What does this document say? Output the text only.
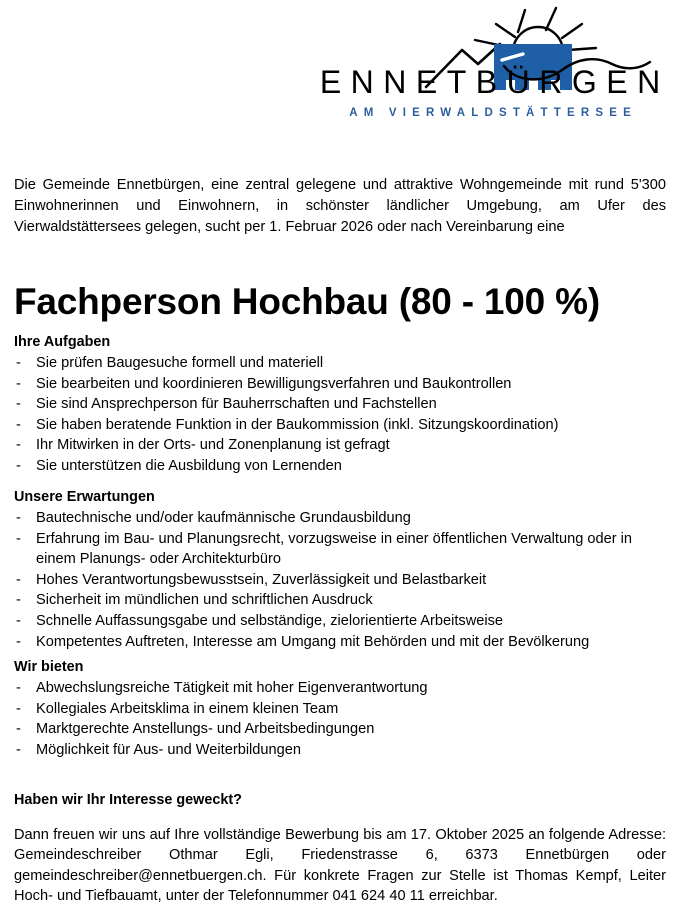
ENNETBÜRGEN
AM VIERWALDSTÄTTERSEE

Die Gemeinde Ennetbürgen, eine zentral gelegene und attraktive Wohngemeinde mit rund 5'300 Einwohnerinnen und Einwohnern, in schönster ländlicher Umgebung, am Ufer des Vierwaldstättersees gelegen, sucht per 1. Februar 2026 oder nach Vereinbarung eine

Fachperson Hochbau (80 - 100 %)
Ihre Aufgaben
- Sie prüfen Baugesuche formell und materiell
- Sie bearbeiten und koordinieren Bewilligungsverfahren und Baukontrollen
- Sie sind Ansprechperson für Bauherrschaften und Fachstellen
- Sie haben beratende Funktion in der Baukommission (inkl. Sitzungskoordination)
- Ihr Mitwirken in der Orts- und Zonenplanung ist gefragt
- Sie unterstützen die Ausbildung von Lernenden
Unsere Erwartungen
- Bautechnische und/oder kaufmännische Grundausbildung
- Erfahrung im Bau- und Planungsrecht, vorzugsweise in einer öffentlichen Verwaltung oder in einem Planungs- oder Architekturbüro
- Hohes Verantwortungsbewusstsein, Zuverlässigkeit und Belastbarkeit
- Sicherheit im mündlichen und schriftlichen Ausdruck
- Schnelle Auffassungsgabe und selbständige, zielorientierte Arbeitsweise
- Kompetentes Auftreten, Interesse am Umgang mit Behörden und mit der Bevölkerung
Wir bieten
- Abwechslungsreiche Tätigkeit mit hoher Eigenverantwortung
- Kollegiales Arbeitsklima in einem kleinen Team
- Marktgerechte Anstellungs- und Arbeitsbedingungen
- Möglichkeit für Aus- und Weiterbildungen
Haben wir Ihr Interesse geweckt?

Dann freuen wir uns auf Ihre vollständige Bewerbung bis am 17. Oktober 2025 an folgende Adresse: Gemeindeschreiber Othmar Egli, Friedenstrasse 6, 6373 Ennetbürgen oder gemeindeschreiber@ennetbuergen.ch. Für konkrete Fragen zur Stelle ist Thomas Kempf, Leiter Hoch- und Tiefbauamt, unter der Telefonnummer 041 624 40 11 erreichbar.
